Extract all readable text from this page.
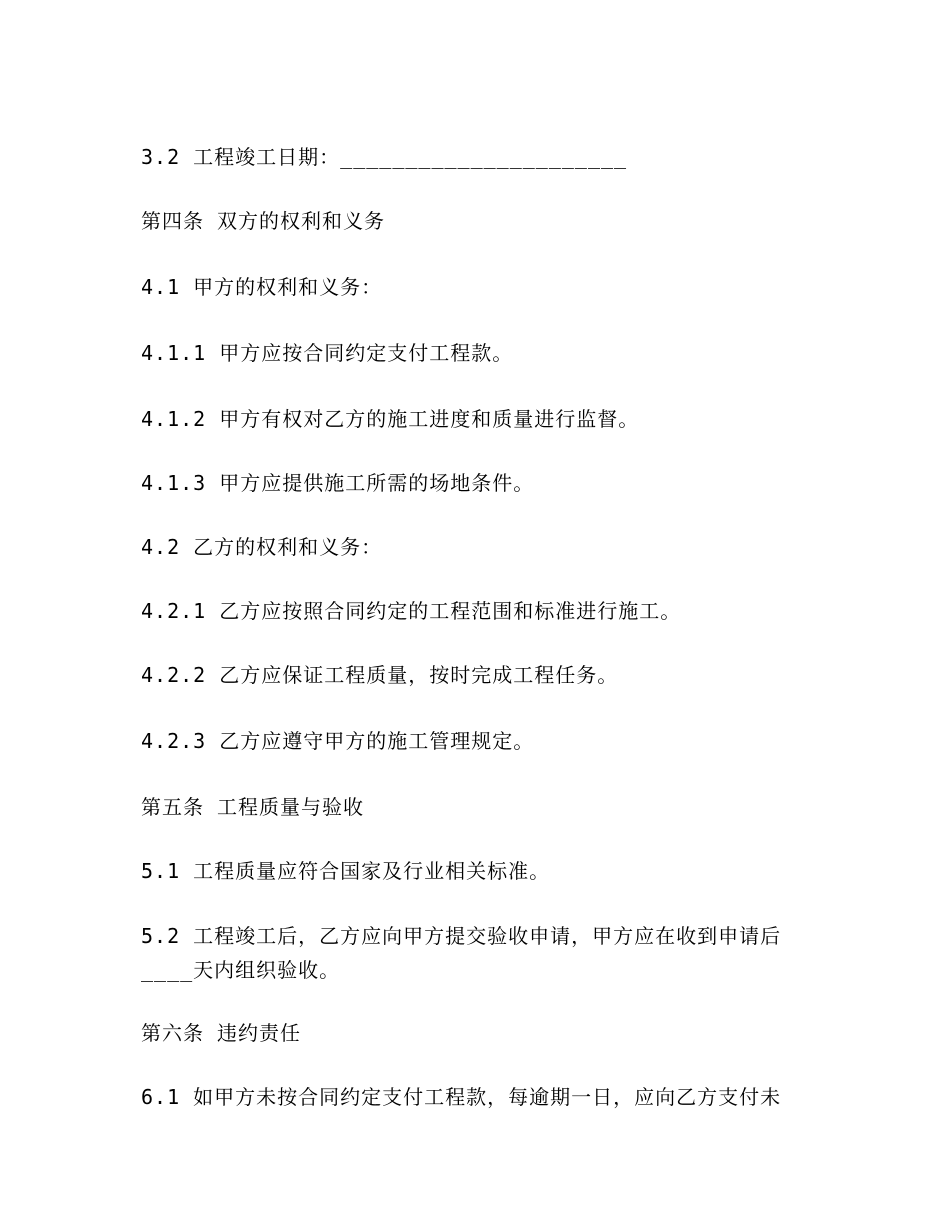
3.2 工程竣工日期：______________________
第四条 双方的权利和义务
4.1 甲方的权利和义务：
4.1.1 甲方应按合同约定支付工程款。
4.1.2 甲方有权对乙方的施工进度和质量进行监督。
4.1.3 甲方应提供施工所需的场地条件。
4.2 乙方的权利和义务：
4.2.1 乙方应按照合同约定的工程范围和标准进行施工。
4.2.2 乙方应保证工程质量，按时完成工程任务。
4.2.3 乙方应遵守甲方的施工管理规定。
第五条 工程质量与验收
5.1 工程质量应符合国家及行业相关标准。
5.2 工程竣工后，乙方应向甲方提交验收申请，甲方应在收到申请后
____天内组织验收。
第六条 违约责任
6.1 如甲方未按合同约定支付工程款，每逾期一日，应向乙方支付未
